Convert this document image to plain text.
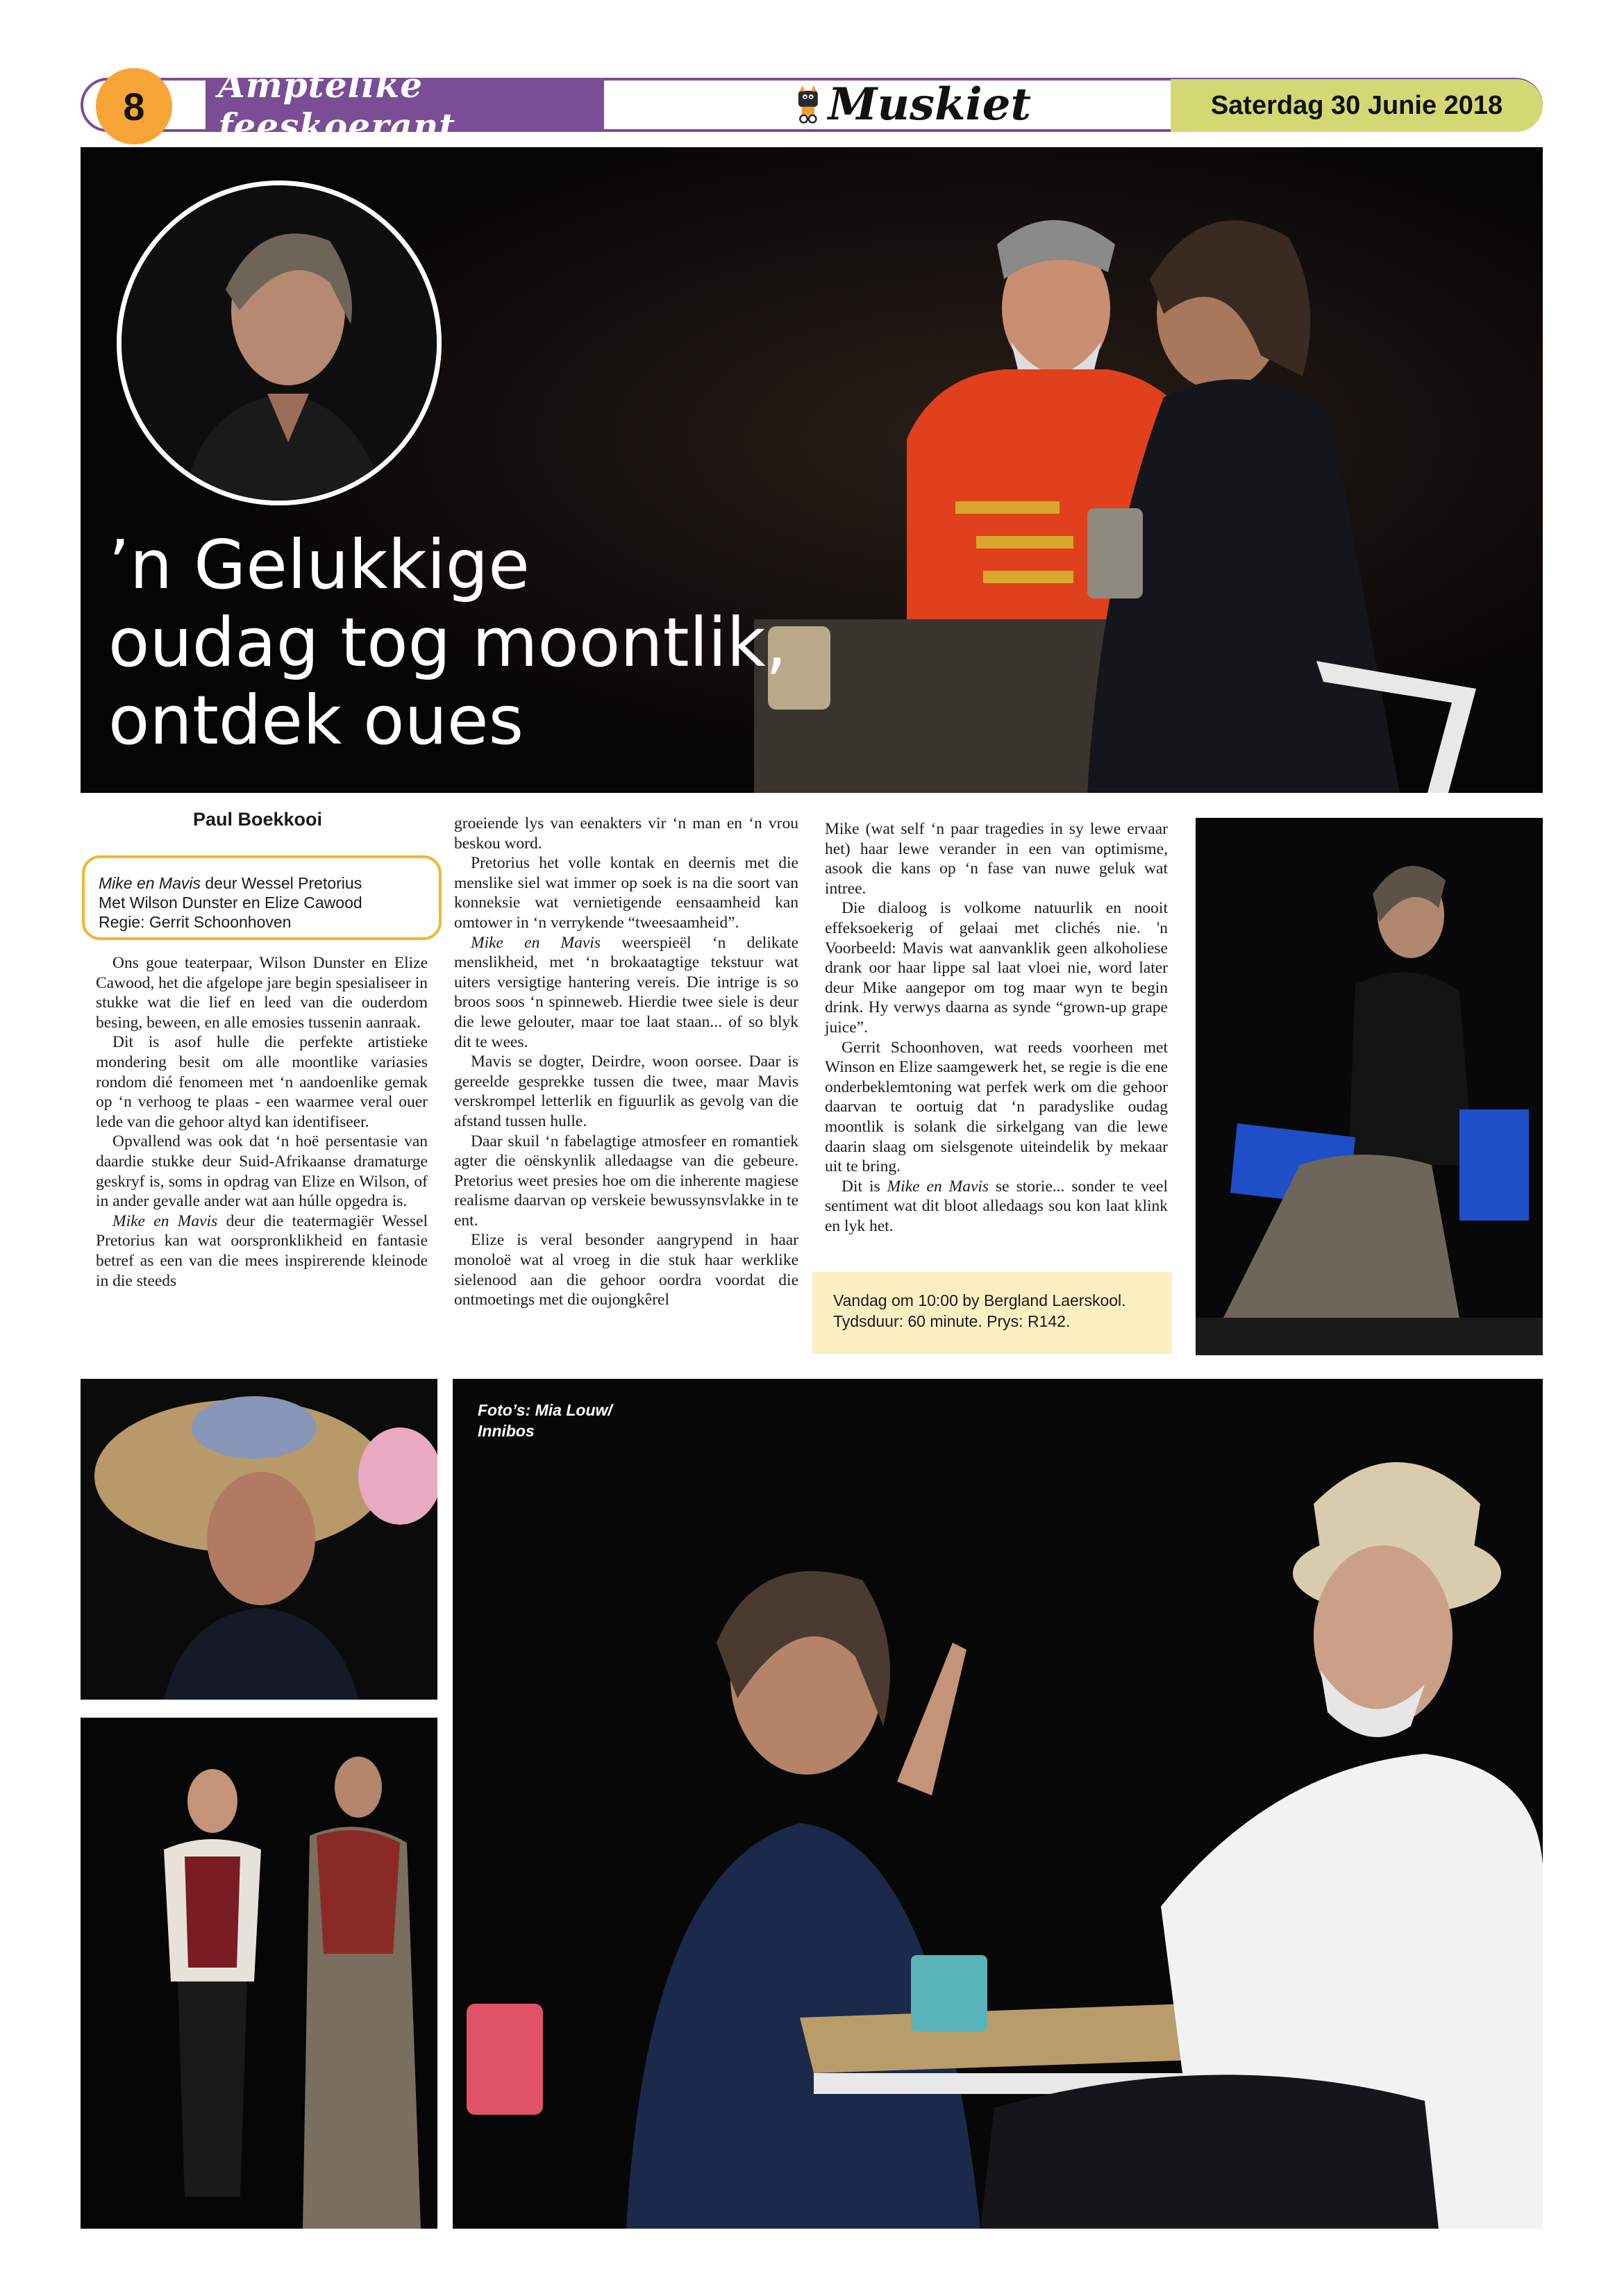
8	Amptelike feeskoerant	Muskiet	Saterdag 30 Junie 2018
’n Gelukkige
oudag tog moontlik,
ontdek oues
Paul Boekkooi
Mike en Mavis deur Wessel Pretorius
Met Wilson Dunster en Elize Cawood
Regie: Gerrit Schoonhoven

Ons goue teaterpaar, Wilson Dunster en Elize Cawood, het die afgelope jare begin spesialiseer in stukke wat die lief en leed van die ouderdom besing, beween, en alle emosies tussenin aanraak.

Dit is asof hulle die perfekte artistieke mondering besit om alle moontlike variasies rondom dié fenomeen met ‘n aandoenlike gemak op ‘n verhoog te plaas - een waarmee veral ouer lede van die gehoor altyd kan identifiseer.

Opvallend was ook dat ‘n hoë persentasie van daardie stukke deur Suid-Afrikaanse dramaturge geskryf is, soms in opdrag van Elize en Wilson, of in ander gevalle ander wat aan húlle opgedra is.

Mike en Mavis deur die teatermagiër Wessel Pretorius kan wat oorspronklikheid en fantasie betref as een van die mees inspirerende kleinode in die steeds

groeiende lys van eenakters vir ‘n man en ‘n vrou beskou word.

Pretorius het volle kontak en deernis met die menslike siel wat immer op soek is na die soort van konneksie wat vernietigende eensaamheid kan omtower in ‘n verrykende “tweesaamheid”.

Mike en Mavis weerspieël ‘n delikate menslikheid, met ‘n brokaatagtige tekstuur wat uiters versigtige hantering vereis. Die intrige is so broos soos ‘n spinneweb. Hierdie twee siele is deur die lewe gelouter, maar toe laat staan... of so blyk dit te wees.

Mavis se dogter, Deirdre, woon oorsee. Daar is gereelde gesprekke tussen die twee, maar Mavis verskrompel letterlik en figuurlik as gevolg van die afstand tussen hulle.

Daar skuil ‘n fabelagtige atmosfeer en romantiek agter die oënskynlik alledaagse van die gebeure. Pretorius weet presies hoe om die inherente magiese realisme daarvan op verskeie bewussynsvlakke in te ent.

Elize is veral besonder aangrypend in haar monoloë wat al vroeg in die stuk haar werklike sielenood aan die gehoor oordra voordat die ontmoetings met die oujongkêrel

Mike (wat self ‘n paar tragedies in sy lewe ervaar het) haar lewe verander in een van optimisme, asook die kans op ‘n fase van nuwe geluk wat intree.

Die dialoog is volkome natuurlik en nooit effeksoekerig of gelaai met clichés nie. 'n Voorbeeld: Mavis wat aanvanklik geen alkoholiese drank oor haar lippe sal laat vloei nie, word later deur Mike aangepor om tog maar wyn te begin drink. Hy verwys daarna as synde “grown-up grape juice”.

Gerrit Schoonhoven, wat reeds voorheen met Winson en Elize saamgewerk het, se regie is die ene onderbeklemtoning wat perfek werk om die gehoor daarvan te oortuig dat ‘n paradyslike oudag moontlik is solank die sirkelgang van die lewe daarin slaag om sielsgenote uiteindelik by mekaar uit te bring.

Dit is Mike en Mavis se storie... sonder te veel sentiment wat dit bloot alledaags sou kon laat klink en lyk het.

Vandag om 10:00 by Bergland Laerskool.
Tydsduur: 60 minute. Prys: R142.
Foto’s: Mia Louw/
Innibos
